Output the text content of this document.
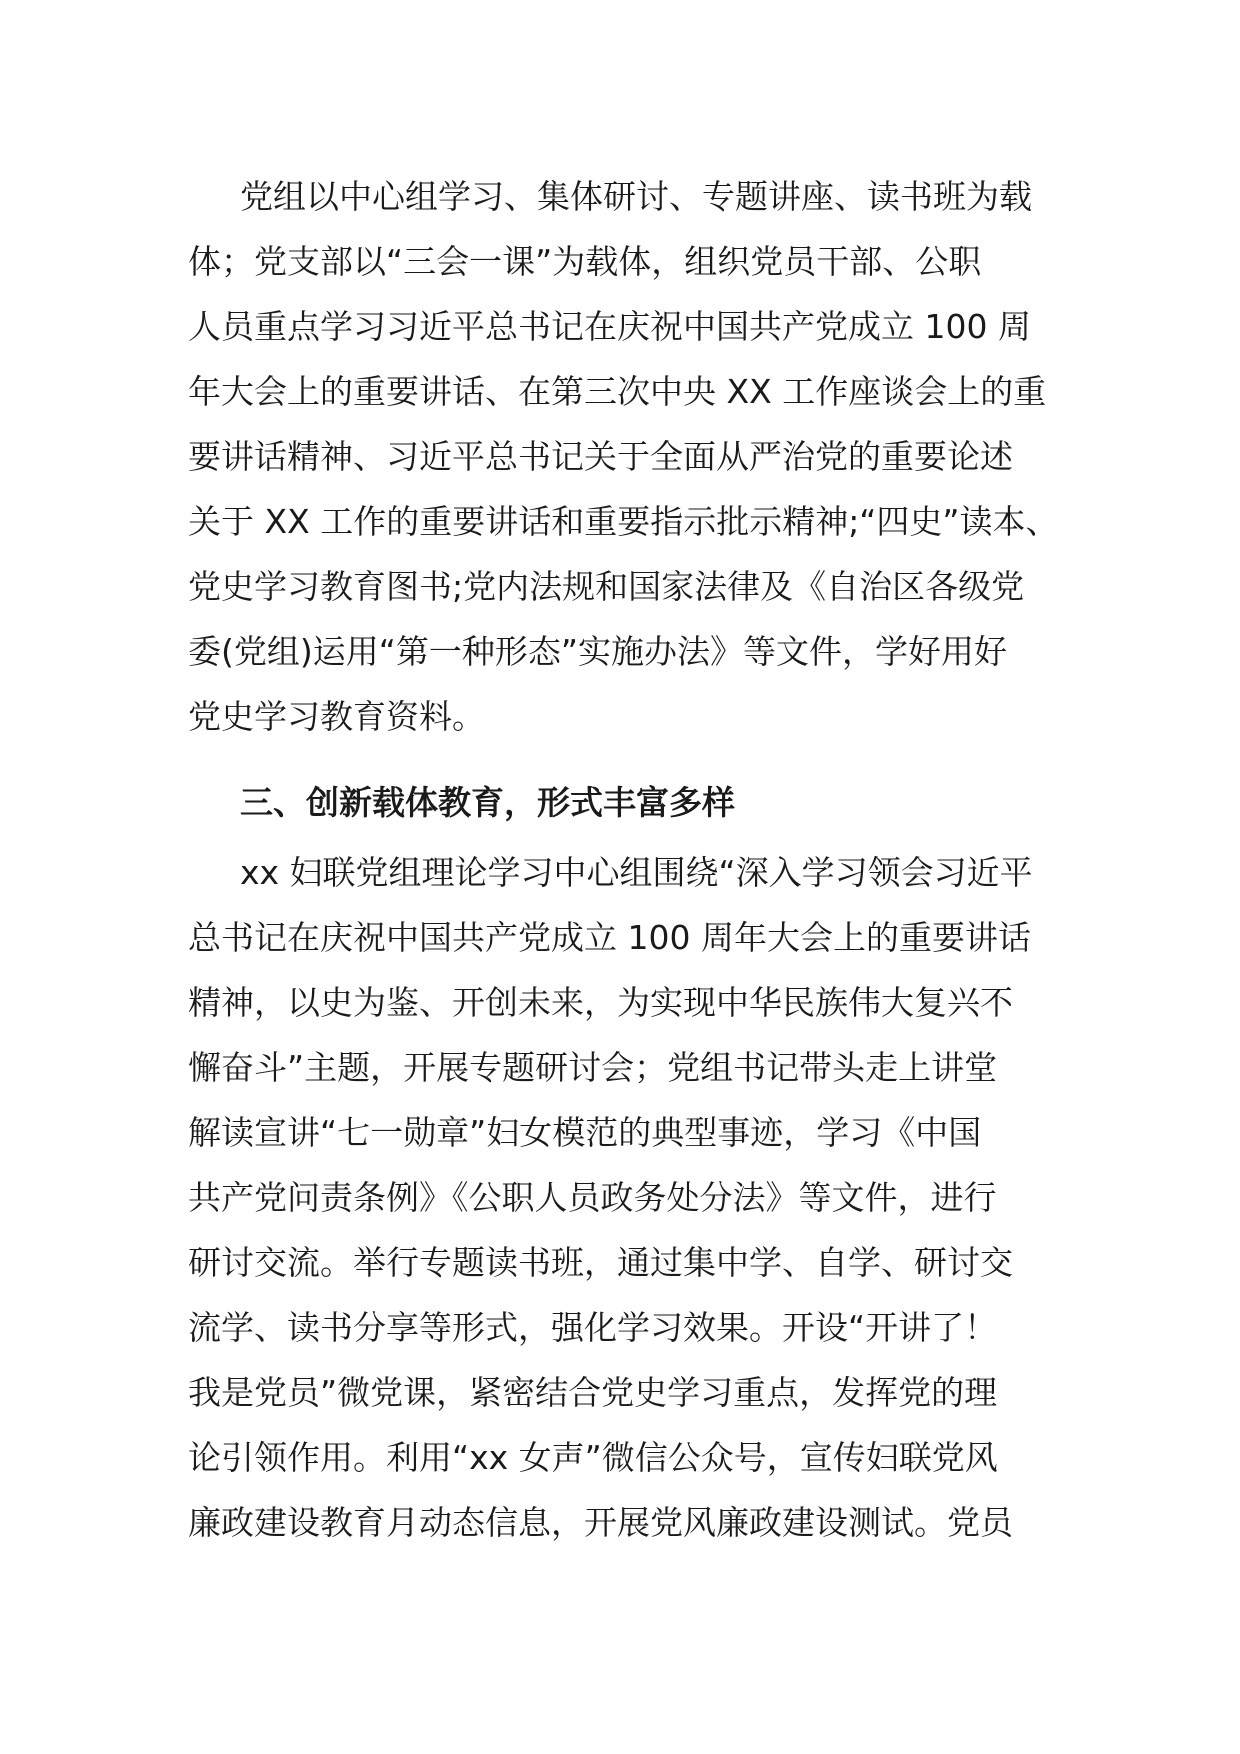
党组以中心组学习、集体研讨、专题讲座、读书班为载
体；党支部以“三会一课”为载体，组织党员干部、公职
人员重点学习习近平总书记在庆祝中国共产党成立 100 周
年大会上的重要讲话、在第三次中央 XX 工作座谈会上的重
要讲话精神、习近平总书记关于全面从严治党的重要论述
关于 XX 工作的重要讲话和重要指示批示精神;“四史”读本、
党史学习教育图书;党内法规和国家法律及《自治区各级党
委(党组)运用“第一种形态”实施办法》等文件，学好用好
党史学习教育资料。
三、创新载体教育，形式丰富多样
xx 妇联党组理论学习中心组围绕“深入学习领会习近平
总书记在庆祝中国共产党成立 100 周年大会上的重要讲话
精神，以史为鉴、开创未来，为实现中华民族伟大复兴不
懈奋斗”主题，开展专题研讨会；党组书记带头走上讲堂
解读宣讲“七一勋章”妇女模范的典型事迹，学习《中国
共产党问责条例》《公职人员政务处分法》等文件，进行
研讨交流。举行专题读书班，通过集中学、自学、研讨交
流学、读书分享等形式，强化学习效果。开设“开讲了！
我是党员”微党课，紧密结合党史学习重点，发挥党的理
论引领作用。利用“xx 女声”微信公众号，宣传妇联党风
廉政建设教育月动态信息，开展党风廉政建设测试。党员
